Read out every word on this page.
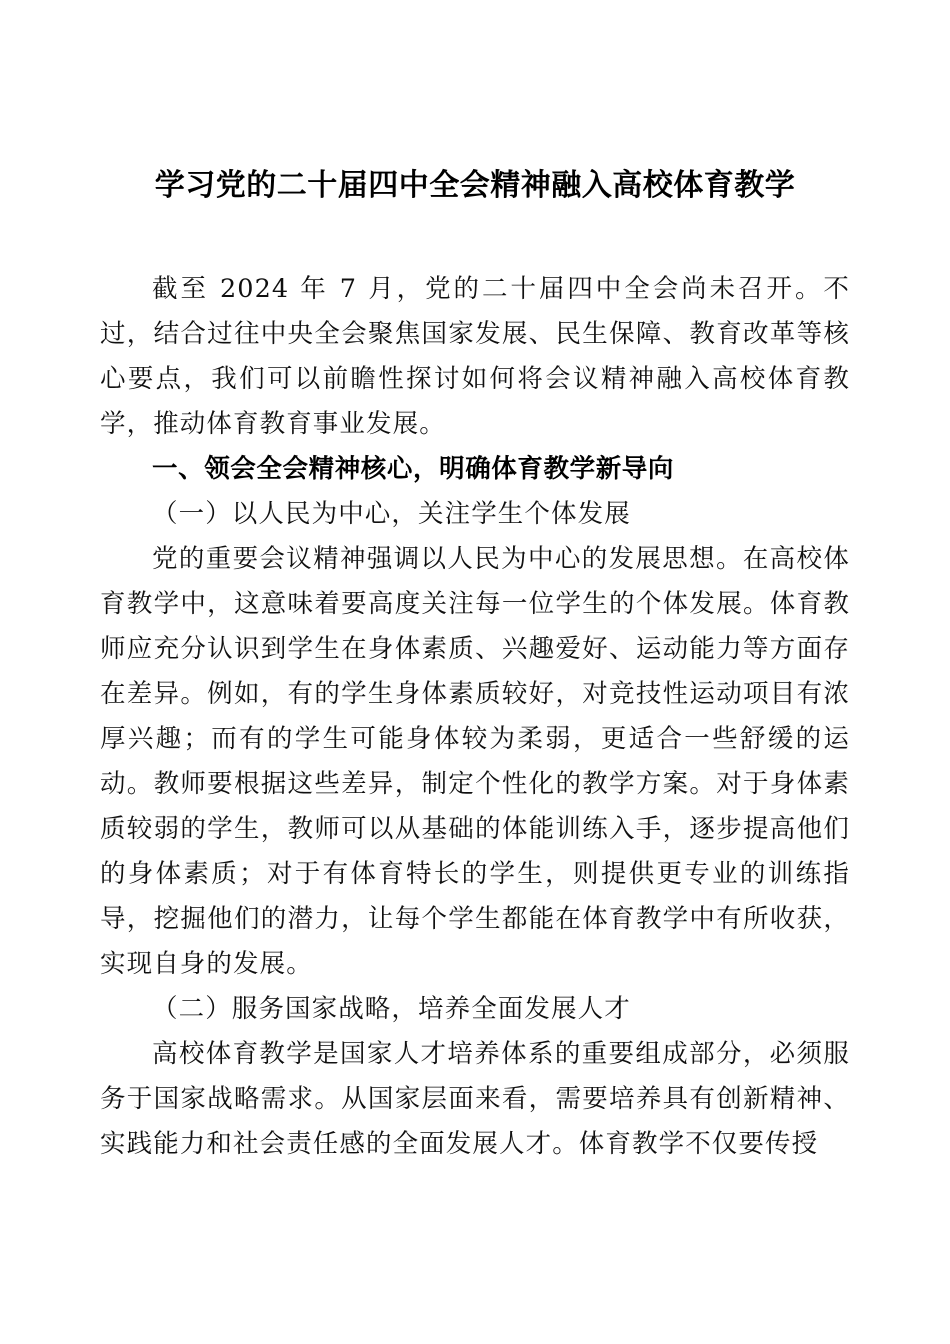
学习党的二十届四中全会精神融入高校体育教学

截至 2024 年 7 月，党的二十届四中全会尚未召开。不过，结合过往中央全会聚焦国家发展、民生保障、教育改革等核心要点，我们可以前瞻性探讨如何将会议精神融入高校体育教学，推动体育教育事业发展。

一、领会全会精神核心，明确体育教学新导向

（一）以人民为中心，关注学生个体发展

党的重要会议精神强调以人民为中心的发展思想。在高校体育教学中，这意味着要高度关注每一位学生的个体发展。体育教师应充分认识到学生在身体素质、兴趣爱好、运动能力等方面存在差异。例如，有的学生身体素质较好，对竞技性运动项目有浓厚兴趣；而有的学生可能身体较为柔弱，更适合一些舒缓的运动。教师要根据这些差异，制定个性化的教学方案。对于身体素质较弱的学生，教师可以从基础的体能训练入手，逐步提高他们的身体素质；对于有体育特长的学生，则提供更专业的训练指导，挖掘他们的潜力，让每个学生都能在体育教学中有所收获，实现自身的发展。

（二）服务国家战略，培养全面发展人才

高校体育教学是国家人才培养体系的重要组成部分，必须服务于国家战略需求。从国家层面来看，需要培养具有创新精神、实践能力和社会责任感的全面发展人才。体育教学不仅要传授
